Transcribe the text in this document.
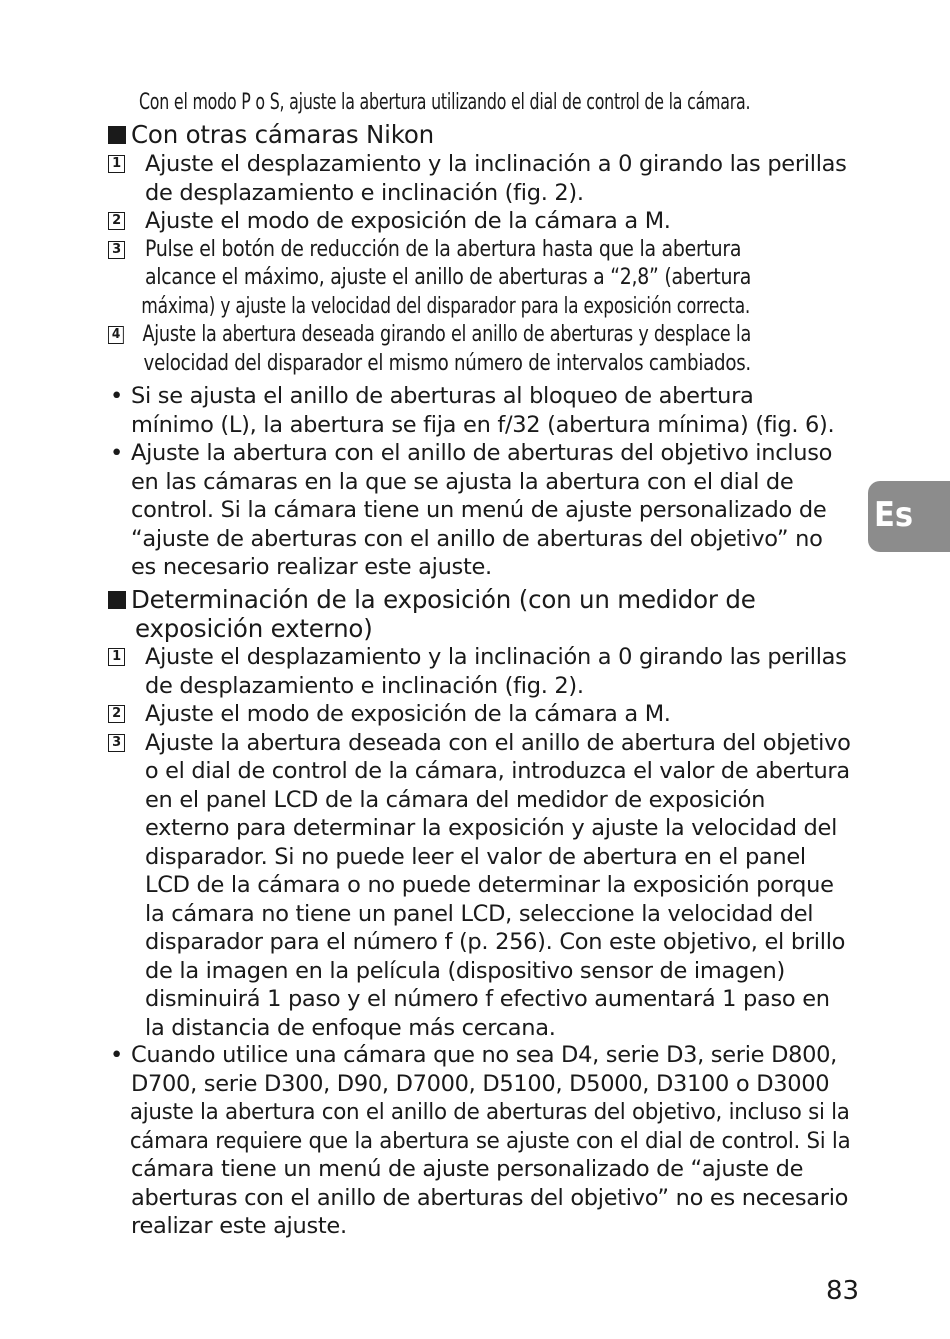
Con el modo P o S, ajuste la abertura utilizando el dial de control de la cámara.
Con otras cámaras Nikon
1 Ajuste el desplazamiento y la inclinación a 0 girando las perillas
de desplazamiento e inclinación (fig. 2).
2 Ajuste el modo de exposición de la cámara a M.
3 Pulse el botón de reducción de la abertura hasta que la abertura
alcance el máximo, ajuste el anillo de aberturas a “2,8” (abertura
máxima) y ajuste la velocidad del disparador para la exposición correcta.
4 Ajuste la abertura deseada girando el anillo de aberturas y desplace la
velocidad del disparador el mismo número de intervalos cambiados.
• Si se ajusta el anillo de aberturas al bloqueo de abertura
mínimo (L), la abertura se fija en f/32 (abertura mínima) (fig. 6).
• Ajuste la abertura con el anillo de aberturas del objetivo incluso
en las cámaras en la que se ajusta la abertura con el dial de
control. Si la cámara tiene un menú de ajuste personalizado de
“ajuste de aberturas con el anillo de aberturas del objetivo” no
es necesario realizar este ajuste.
Determinación de la exposición (con un medidor de
exposición externo)
1 Ajuste el desplazamiento y la inclinación a 0 girando las perillas
de desplazamiento e inclinación (fig. 2).
2 Ajuste el modo de exposición de la cámara a M.
3 Ajuste la abertura deseada con el anillo de abertura del objetivo
o el dial de control de la cámara, introduzca el valor de abertura
en el panel LCD de la cámara del medidor de exposición
externo para determinar la exposición y ajuste la velocidad del
disparador. Si no puede leer el valor de abertura en el panel
LCD de la cámara o no puede determinar la exposición porque
la cámara no tiene un panel LCD, seleccione la velocidad del
disparador para el número f (p. 256). Con este objetivo, el brillo
de la imagen en la película (dispositivo sensor de imagen)
disminuirá 1 paso y el número f efectivo aumentará 1 paso en
la distancia de enfoque más cercana.
• Cuando utilice una cámara que no sea D4, serie D3, serie D800,
D700, serie D300, D90, D7000, D5100, D5000, D3100 o D3000
ajuste la abertura con el anillo de aberturas del objetivo, incluso si la
cámara requiere que la abertura se ajuste con el dial de control. Si la
cámara tiene un menú de ajuste personalizado de “ajuste de
aberturas con el anillo de aberturas del objetivo” no es necesario
realizar este ajuste.
Es
83
